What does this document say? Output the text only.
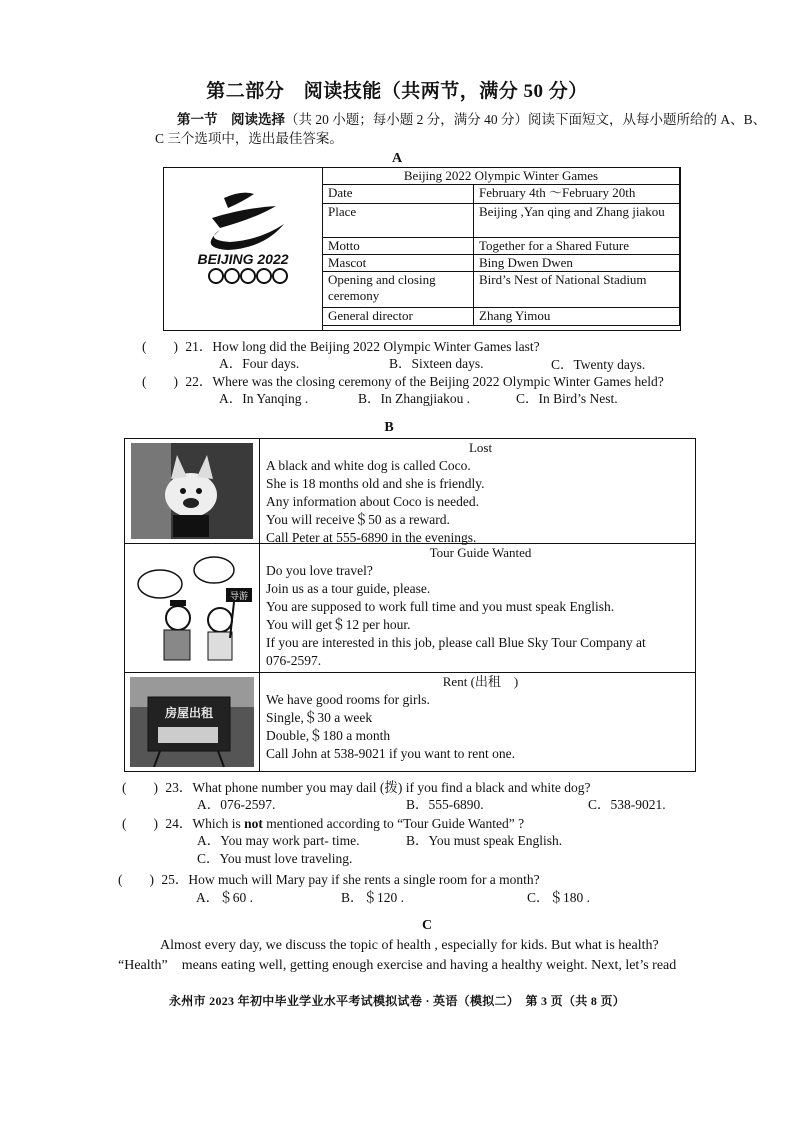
第二部分　阅读技能（共两节，满分 50 分）
第一节　阅读选择（共 20 小题；每小题 2 分，满分 40 分）阅读下面短文，从每小题所给的 A、B、C 三个选项中，选出最佳答案。
A
BEIJING 2022
Beijing 2022 Olympic Winter Games	
Date	February 4th ～February 20th
Place	Beijing ,Yan qing and Zhang jiakou
Motto	Together for a Shared Future
Mascot	Bing Dwen Dwen
Opening and closing ceremony	Bird’s Nest of National Stadium
General director	Zhang Yimou
(　　) 21．How long did the Beijing 2022 Olympic Winter Games last?
A．Four days.	B．Sixteen days.	C．Twenty days.
(　　) 22．Where was the closing ceremony of the Beijing 2022 Olympic Winter Games held?
A．In Yanqing .	B．In Zhangjiakou .	C．In Bird’s Nest.
B
Lost
A black and white dog is called Coco.
She is 18 months old and she is friendly.
Any information about Coco is needed.
You will receive＄50 as a reward.
Call Peter at 555-6890 in the evenings.
导游
Tour Guide Wanted
Do you love travel?
Join us as a tour guide, please.
You are supposed to work full time and you must speak English.
You will get＄12 per hour.
If you are interested in this job, please call Blue Sky Tour Company at
076-2597.
房屋出租
Rent (出租　)
We have good rooms for girls.
Single,＄30 a week
Double,＄180 a month
Call John at 538-9021 if you want to rent one.
(　　) 23．What phone number you may dail (拨) if you find a black and white dog?
A．076-2597.	B．555-6890.	C．538-9021.
(　　) 24．Which is not mentioned according to “Tour Guide Wanted” ?
A．You may work part- time.	B．You must speak English.
C．You must love traveling.
(　　) 25．How much will Mary pay if she rents a single room for a month?
A．＄60 .	B．＄120 .	C．＄180 .
C
Almost every day, we discuss the topic of health , especially for kids. But what is health?
“Health”　means eating well, getting enough exercise and having a healthy weight. Next, let’s read
永州市 2023 年初中毕业学业水平考试模拟试卷 · 英语（模拟二）　第 3 页（共 8 页）
